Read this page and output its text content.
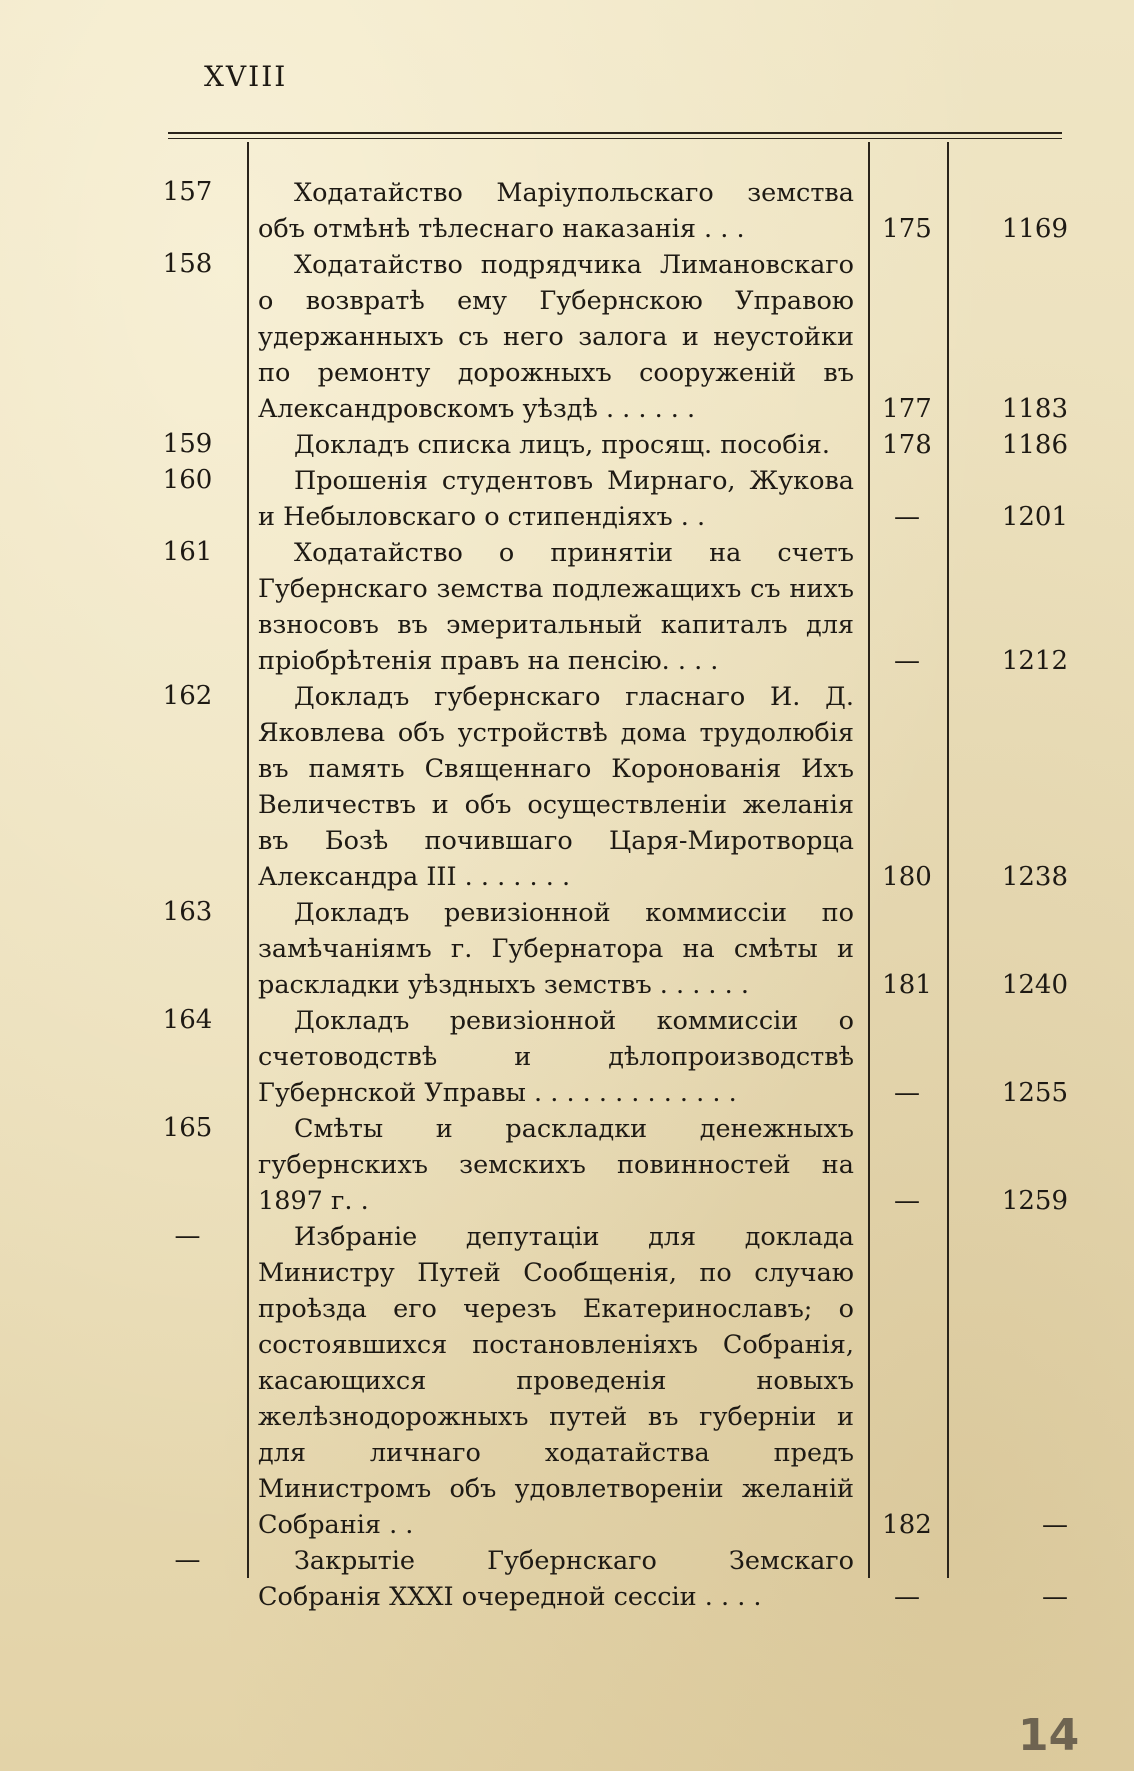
XVIII
157	Ходатайство Маріупольскаго земства объ отмѣнѣ тѣлеснаго наказанія . . .	175	1169
158	Ходатайство подрядчика Лимановскаго о возвратѣ ему Губернскою Управою удержанныхъ съ него залога и неустойки по ремонту дорожныхъ сооруженій въ Александровскомъ уѣздѣ . . . . . .	177	1183
159	Докладъ списка лицъ, просящ. пособія.	178	1186
160	Прошенія студентовъ Мирнаго, Жукова и Небыловскаго о стипендіяхъ . .	—	1201
161	Ходатайство о принятіи на счетъ Губернскаго земства подлежащихъ съ нихъ взносовъ въ эмеритальный капиталъ для пріобрѣтенія правъ на пенсію. . . .	—	1212
162	Докладъ губернскаго гласнаго И. Д. Яковлева объ устройствѣ дома трудолюбія въ память Священнаго Коронованія Ихъ Величествъ и объ осуществленіи желанія въ Бозѣ почившаго Царя-Миротворца Александра III . . . . . . .	180	1238
163	Докладъ ревизіонной коммиссіи по замѣчаніямъ г. Губернатора на смѣты и раскладки уѣздныхъ земствъ . . . . . .	181	1240
164	Докладъ ревизіонной коммиссіи о счетоводствѣ и дѣлопроизводствѣ Губернской Управы . . . . . . . . . . . . .	—	1255
165	Смѣты и раскладки денежныхъ губернскихъ земскихъ повинностей на 1897 г. .	—	1259
—	Избраніе депутаціи для доклада Министру Путей Сообщенія, по случаю проѣзда его черезъ Екатеринославъ; о состоявшихся постановленіяхъ Собранія, касающихся проведенія новыхъ желѣзнодорожныхъ путей въ губерніи и для личнаго ходатайства предъ Министромъ объ удовлетвореніи желаній Собранія . .	182	—
—	Закрытіе Губернскаго Земскаго Собранія XXXI очередной сессіи . . . .	—	—
14
